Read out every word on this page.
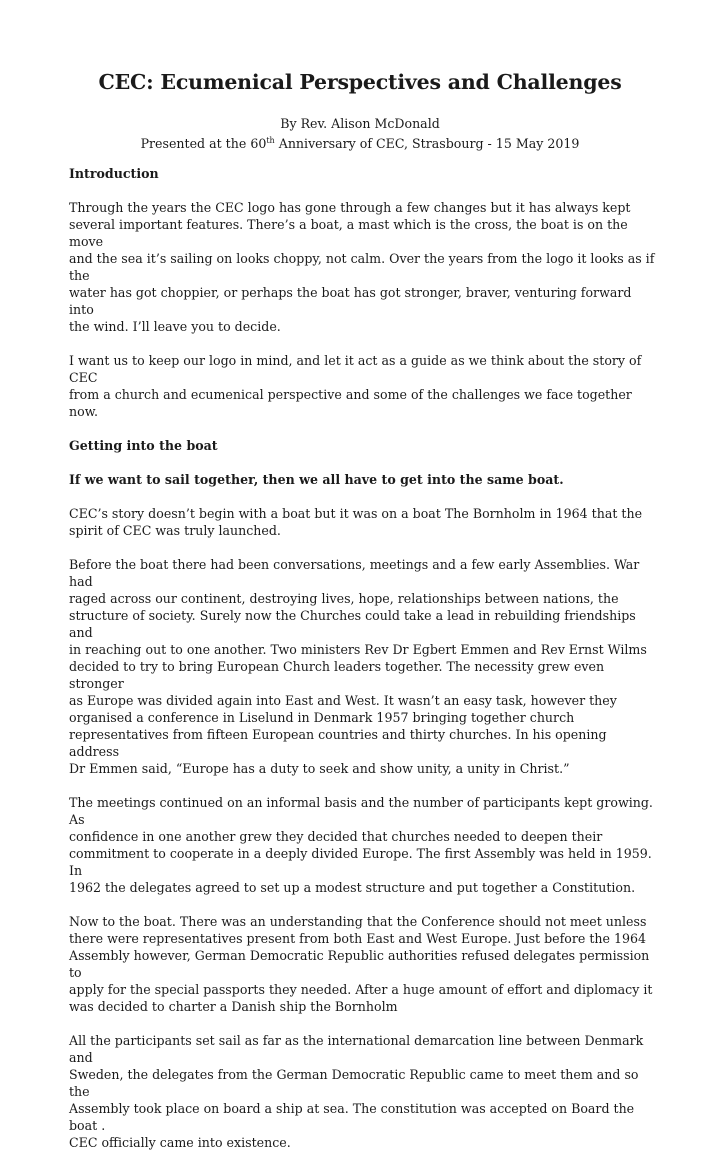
CEC: Ecumenical Perspectives and Challenges
By Rev. Alison McDonald
Presented at the 60th Anniversary of CEC, Strasbourg - 15 May 2019

Introduction

Through the years the CEC logo has gone through a few changes but it has always kept
several important features. There’s a boat, a mast which is the cross, the boat is on the move
and the sea it’s sailing on looks choppy, not calm. Over the years from the logo it looks as if the
water has got choppier, or perhaps the boat has got stronger, braver, venturing forward into
the wind. I’ll leave you to decide.

I want us to keep our logo in mind, and let it act as a guide as we think about the story of CEC
from a church and ecumenical perspective and some of the challenges we face together now.

Getting into the boat

If we want to sail together, then we all have to get into the same boat.

CEC’s story doesn’t begin with a boat but it was on a boat The Bornholm in 1964 that the
spirit of CEC was truly launched.

Before the boat there had been conversations, meetings and a few early Assemblies. War had
raged across our continent, destroying lives, hope, relationships between nations, the
structure of society. Surely now the Churches could take a lead in rebuilding friendships and
in reaching out to one another. Two ministers Rev Dr Egbert Emmen and Rev Ernst Wilms
decided to try to bring European Church leaders together. The necessity grew even stronger
as Europe was divided again into East and West. It wasn’t an easy task, however they
organised a conference in Liselund in Denmark 1957 bringing together church
representatives from fifteen European countries and thirty churches. In his opening address
Dr Emmen said, “Europe has a duty to seek and show unity, a unity in Christ.”

The meetings continued on an informal basis and the number of participants kept growing. As
confidence in one another grew they decided that churches needed to deepen their
commitment to cooperate in a deeply divided Europe. The first Assembly was held in 1959. In
1962 the delegates agreed to set up a modest structure and put together a Constitution.

Now to the boat. There was an understanding that the Conference should not meet unless
there were representatives present from both East and West Europe. Just before the 1964
Assembly however, German Democratic Republic authorities refused delegates permission to
apply for the special passports they needed. After a huge amount of effort and diplomacy it
was decided to charter a Danish ship the Bornholm

All the participants set sail as far as the international demarcation line between Denmark and
Sweden, the delegates from the German Democratic Republic came to meet them and so the
Assembly took place on board a ship at sea. The constitution was accepted on Board the boat .
CEC officially came into existence.
